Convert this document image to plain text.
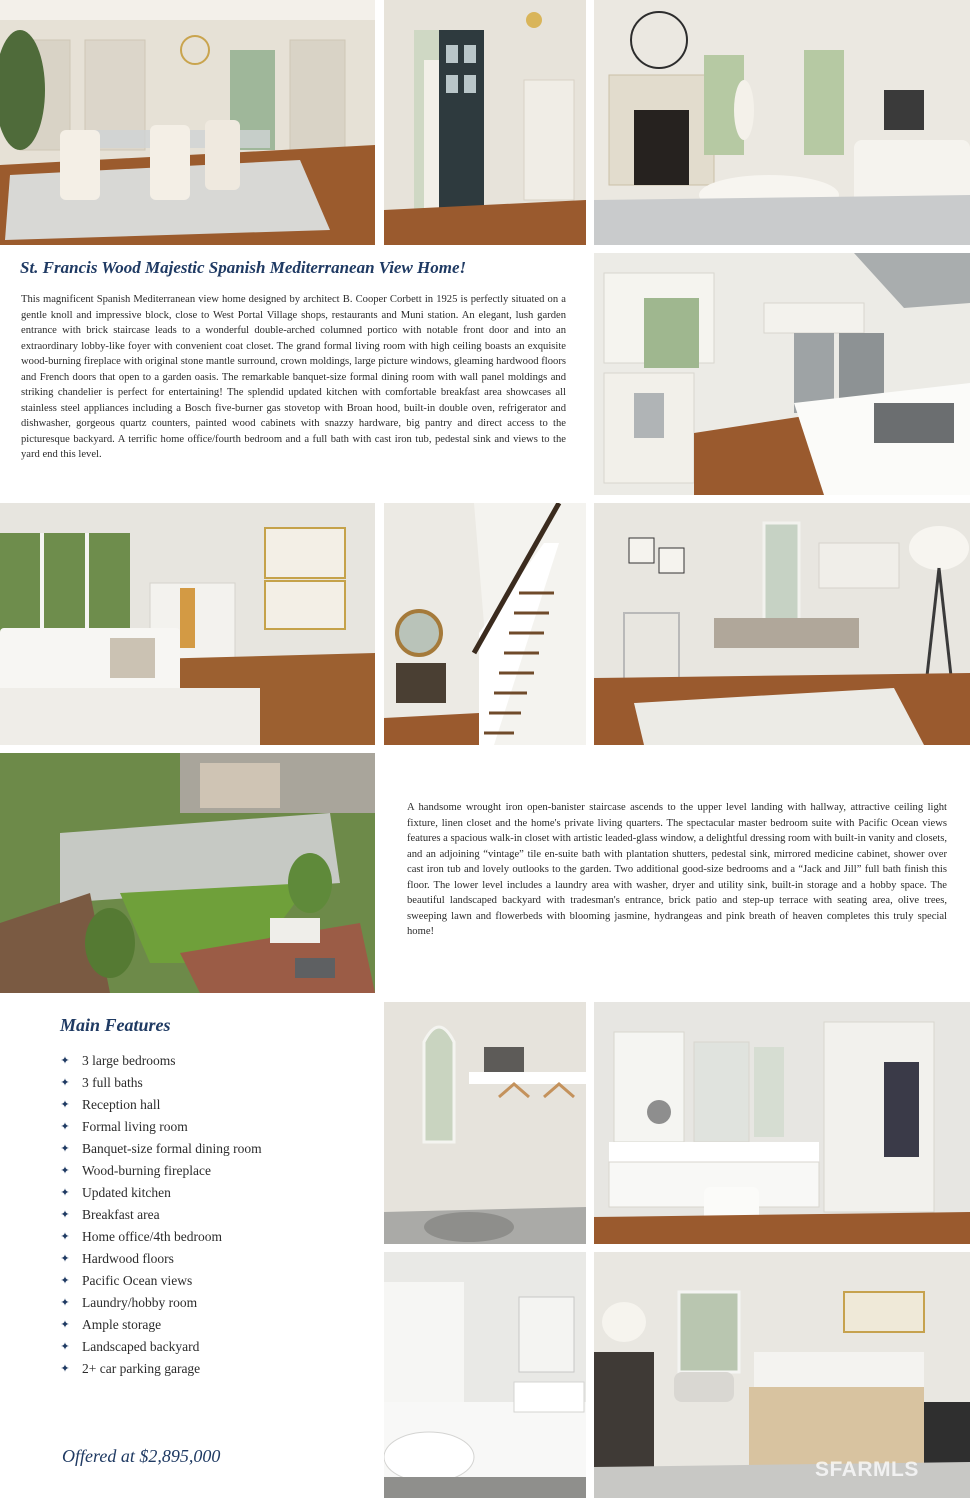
St. Francis Wood Majestic Spanish Mediterranean View Home!

This magnificent Spanish Mediterranean view home designed by architect B. Cooper Corbett in 1925 is perfectly situated on a gentle knoll and impressive block, close to West Portal Village shops, restaurants and Muni station. An elegant, lush garden entrance with brick staircase leads to a wonderful double-arched columned portico with notable front door and into an extraordinary lobby-like foyer with convenient coat closet. The grand formal living room with high ceiling boasts an exquisite wood-burning fireplace with original stone mantle surround, crown moldings, large picture windows, gleaming hardwood floors and French doors that open to a garden oasis. The remarkable banquet-size formal dining room with wall panel moldings and striking chandelier is perfect for entertaining! The splendid updated kitchen with comfortable breakfast area showcases all stainless steel appliances including a Bosch five-burner gas stovetop with Broan hood, built-in double oven, refrigerator and dishwasher, gorgeous quartz counters, painted wood cabinets with snazzy hardware, big pantry and direct access to the picturesque backyard. A terrific home office/fourth bedroom and a full bath with cast iron tub, pedestal sink and views to the yard end this level.

A handsome wrought iron open-banister staircase ascends to the upper level landing with hallway, attractive ceiling light fixture, linen closet and the home's private living quarters. The spectacular master bedroom suite with Pacific Ocean views features a spacious walk-in closet with artistic leaded-glass window, a delightful dressing room with built-in vanity and closets, and an adjoining “vintage” tile en-suite bath with plantation shutters, pedestal sink, mirrored medicine cabinet, shower over cast iron tub and lovely outlooks to the garden. Two additional good-size bedrooms and a “Jack and Jill” full bath finish this floor. The lower level includes a laundry area with washer, dryer and utility sink, built-in storage and a hobby space. The beautiful landscaped backyard with tradesman's entrance, brick patio and step-up terrace with seating area, olive trees, sweeping lawn and flowerbeds with blooming jasmine, hydrangeas and pink breath of heaven completes this truly special home!

Main Features
✦ 3 large bedrooms
✦ 3 full baths
✦ Reception hall
✦ Formal living room
✦ Banquet-size formal dining room
✦ Wood-burning fireplace
✦ Updated kitchen
✦ Breakfast area
✦ Home office/4th bedroom
✦ Hardwood floors
✦ Pacific Ocean views
✦ Laundry/hobby room
✦ Ample storage
✦ Landscaped backyard
✦ 2+ car parking garage

Offered at $2,895,000

SFARMLS
